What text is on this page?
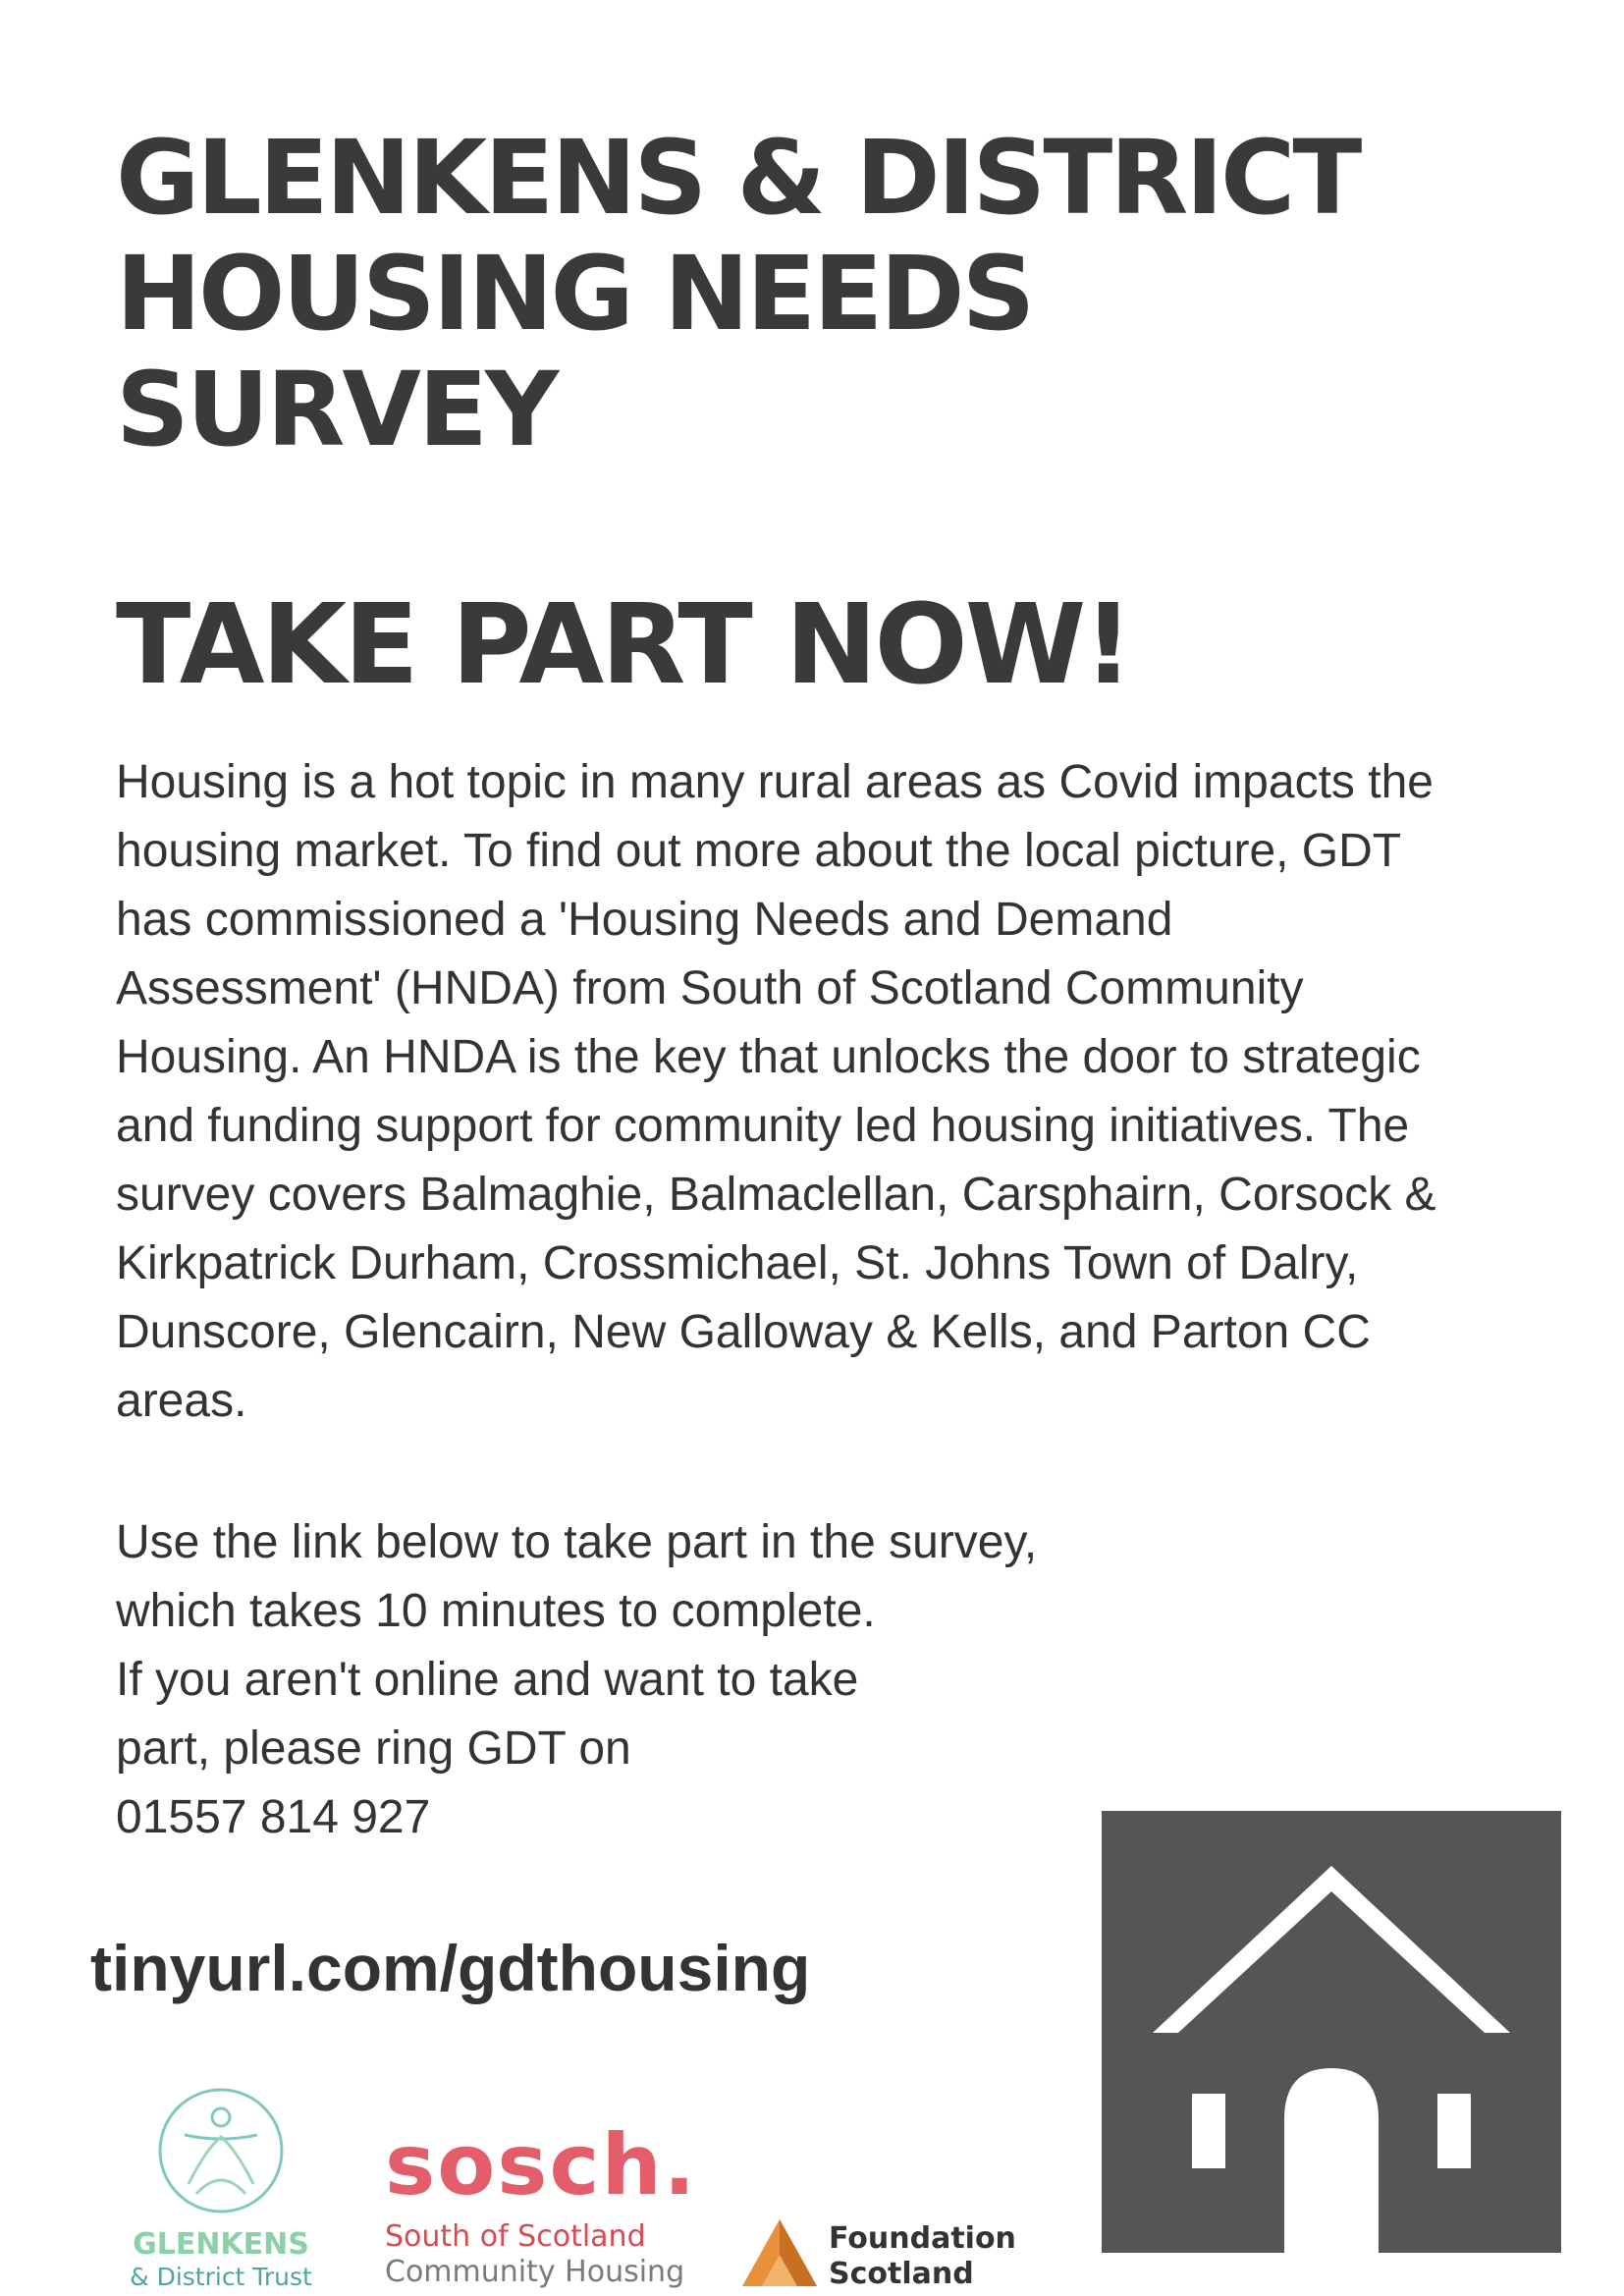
GLENKENS & DISTRICT
HOUSING NEEDS
SURVEY
TAKE PART NOW!
Housing is a hot topic in many rural areas as Covid impacts the
housing market. To find out more about the local picture, GDT
has commissioned a 'Housing Needs and Demand
Assessment' (HNDA) from South of Scotland Community
Housing. An HNDA is the key that unlocks the door to strategic
and funding support for community led housing initiatives. The
survey covers Balmaghie, Balmaclellan, Carsphairn, Corsock &
Kirkpatrick Durham, Crossmichael, St. Johns Town of Dalry,
Dunscore, Glencairn, New Galloway & Kells, and Parton CC
areas.
Use the link below to take part in the survey,
which takes 10 minutes to complete.
If you aren't online and want to take
part, please ring GDT on
01557 814 927
tinyurl.com/gdthousing
GLENKENS
& District Trust
sosch.
South of Scotland
Community Housing
Foundation
Scotland
